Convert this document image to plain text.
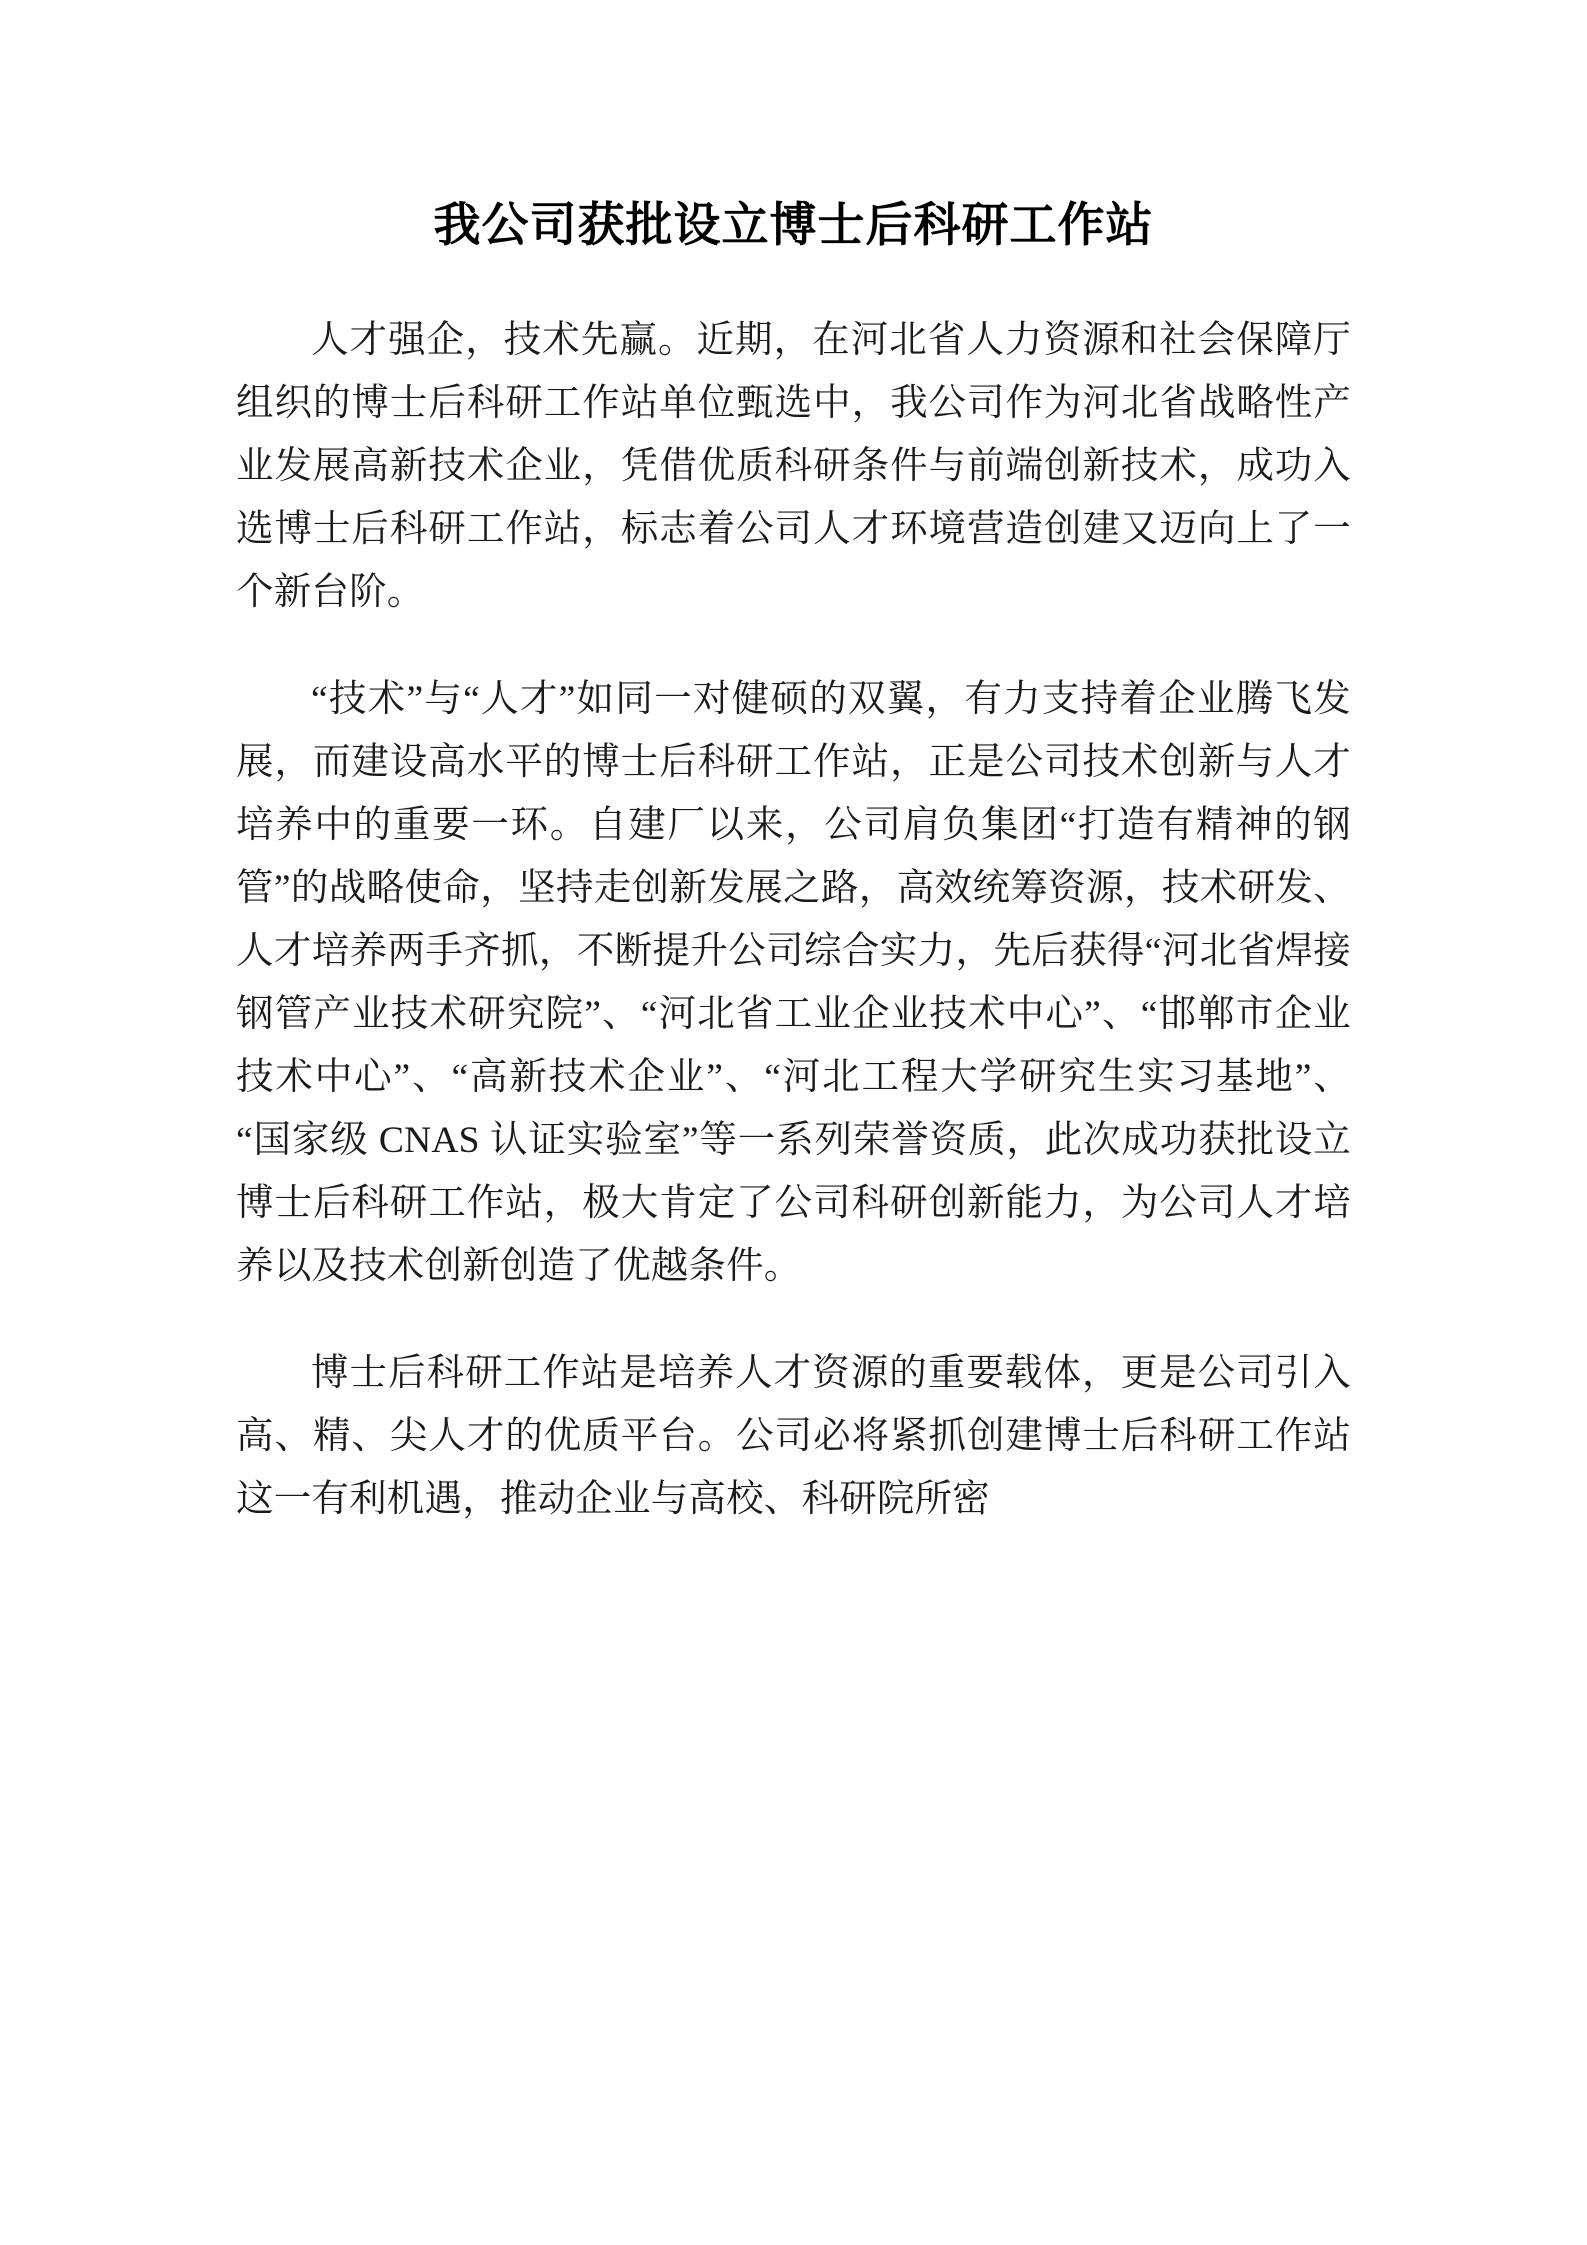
我公司获批设立博士后科研工作站

人才强企，技术先赢。近期，在河北省人力资源和社会保障厅组织的博士后科研工作站单位甄选中，我公司作为河北省战略性产业发展高新技术企业，凭借优质科研条件与前端创新技术，成功入选博士后科研工作站，标志着公司人才环境营造创建又迈向上了一个新台阶。

“技术”与“人才”如同一对健硕的双翼，有力支持着企业腾飞发展，而建设高水平的博士后科研工作站，正是公司技术创新与人才培养中的重要一环。自建厂以来，公司肩负集团“打造有精神的钢管”的战略使命，坚持走创新发展之路，高效统筹资源，技术研发、人才培养两手齐抓，不断提升公司综合实力，先后获得“河北省焊接钢管产业技术研究院”、“河北省工业企业技术中心”、“邯郸市企业技术中心”、“高新技术企业”、“河北工程大学研究生实习基地”、“国家级 CNAS 认证实验室”等一系列荣誉资质，此次成功获批设立博士后科研工作站，极大肯定了公司科研创新能力，为公司人才培养以及技术创新创造了优越条件。

博士后科研工作站是培养人才资源的重要载体，更是公司引入高、精、尖人才的优质平台。公司必将紧抓创建博士后科研工作站这一有利机遇，推动企业与高校、科研院所密
